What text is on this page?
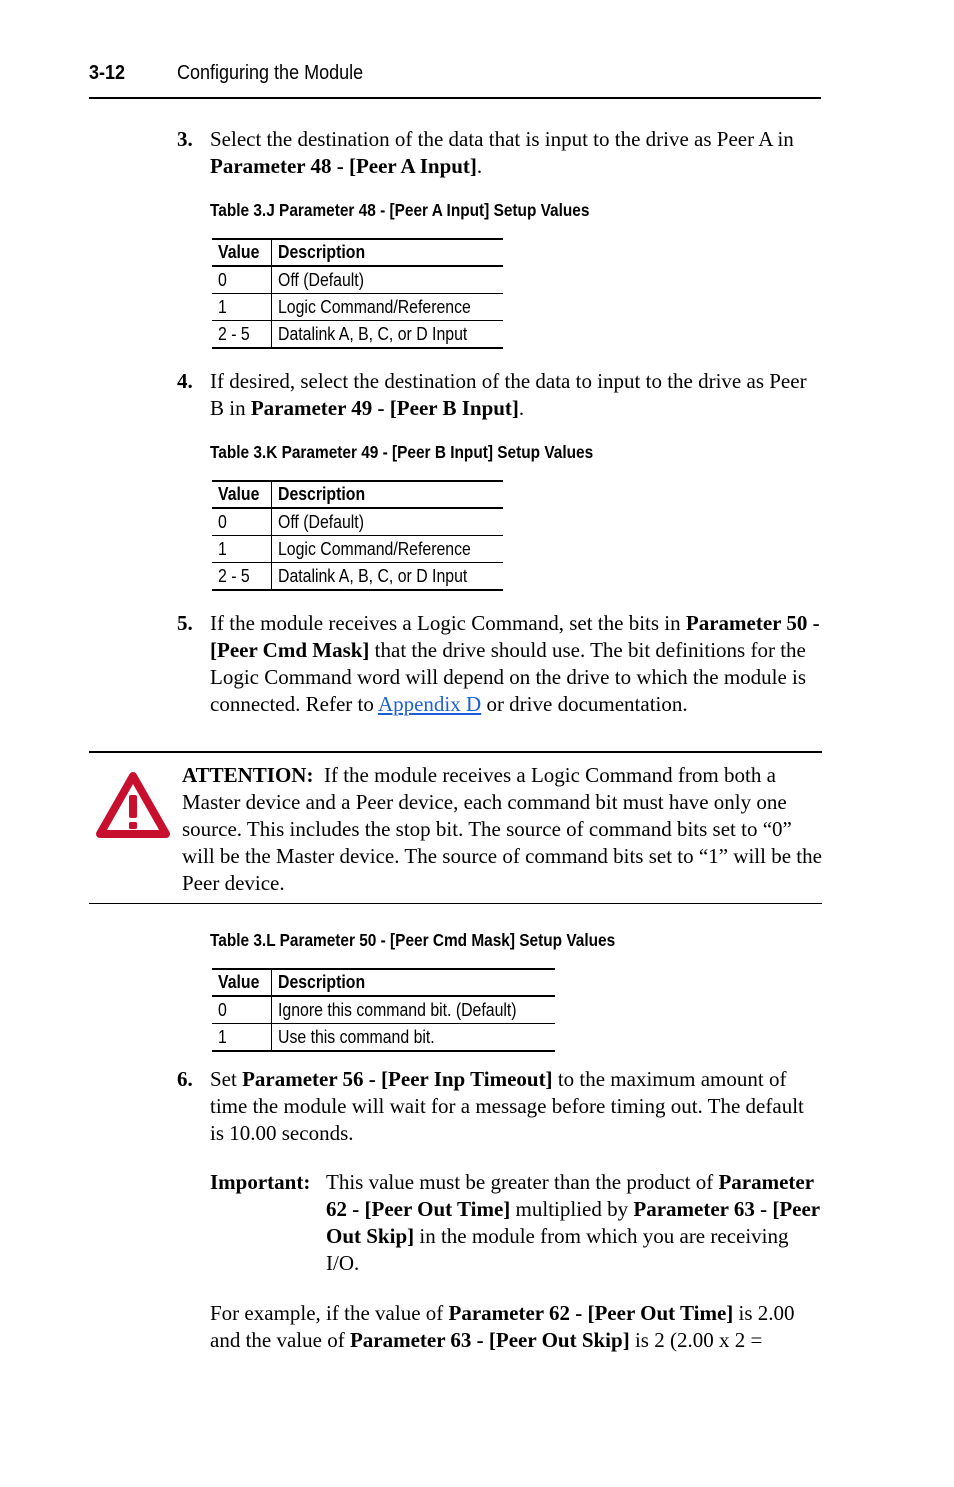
3-12	Configuring the Module
3. Select the destination of the data that is input to the drive as Peer A in Parameter 48 - [Peer A Input].
Table 3.J Parameter 48 - [Peer A Input] Setup Values
Value	Description
0	Off (Default)
1	Logic Command/Reference
2 - 5	Datalink A, B, C, or D Input
4. If desired, select the destination of the data to input to the drive as Peer B in Parameter 49 - [Peer B Input].
Table 3.K Parameter 49 - [Peer B Input] Setup Values
Value	Description
0	Off (Default)
1	Logic Command/Reference
2 - 5	Datalink A, B, C, or D Input
5. If the module receives a Logic Command, set the bits in Parameter 50 - [Peer Cmd Mask] that the drive should use. The bit definitions for the Logic Command word will depend on the drive to which the module is connected. Refer to Appendix D or drive documentation.
ATTENTION: If the module receives a Logic Command from both a Master device and a Peer device, each command bit must have only one source. This includes the stop bit. The source of command bits set to “0” will be the Master device. The source of command bits set to “1” will be the Peer device.
Table 3.L Parameter 50 - [Peer Cmd Mask] Setup Values
Value	Description
0	Ignore this command bit. (Default)
1	Use this command bit.
6. Set Parameter 56 - [Peer Inp Timeout] to the maximum amount of time the module will wait for a message before timing out. The default is 10.00 seconds.
Important: This value must be greater than the product of Parameter 62 - [Peer Out Time] multiplied by Parameter 63 - [Peer Out Skip] in the module from which you are receiving I/O.
For example, if the value of Parameter 62 - [Peer Out Time] is 2.00 and the value of Parameter 63 - [Peer Out Skip] is 2 (2.00 x 2 =
